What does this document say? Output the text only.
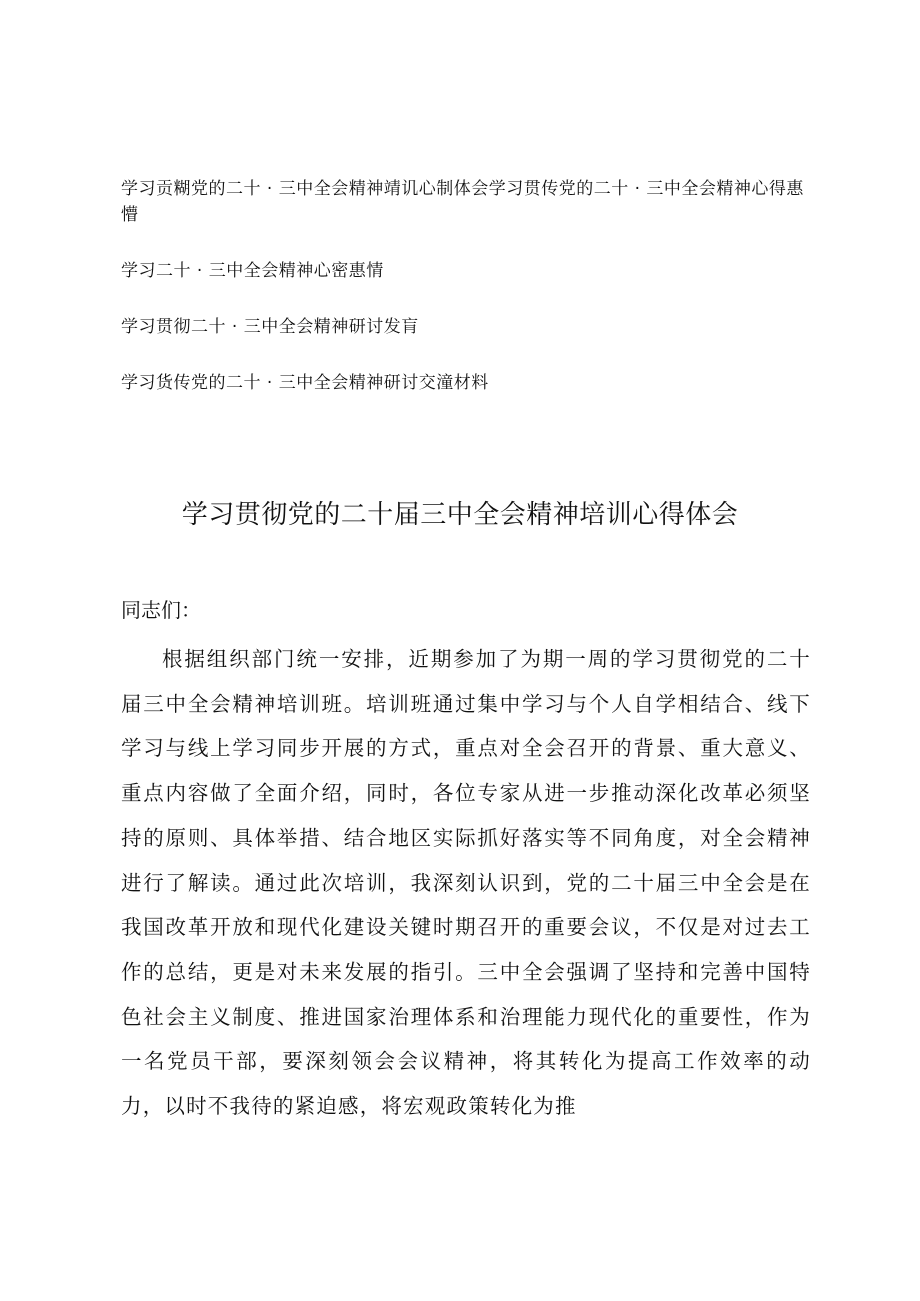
学习贡糊党的二十 · 三中全会精神靖讥心制体会学习贯传党的二十 · 三中全会精神心得惠懵
学习二十 · 三中全会精神心密惠情
学习贯彻二十 · 三中全会精神研讨发肓
学习货传党的二十 · 三中全会精神研讨交潼材料
学习贯彻党的二十届三中全会精神培训心得体会
同志们：

根据组织部门统一安排，近期参加了为期一周的学习贯彻党的二十届三中全会精神培训班。培训班通过集中学习与个人自学相结合、线下学习与线上学习同步开展的方式，重点对全会召开的背景、重大意义、重点内容做了全面介绍，同时，各位专家从进一步推动深化改革必须坚持的原则、具体举措、结合地区实际抓好落实等不同角度，对全会精神进行了解读。通过此次培训，我深刻认识到，党的二十届三中全会是在我国改革开放和现代化建设关键时期召开的重要会议，不仅是对过去工作的总结，更是对未来发展的指引。三中全会强调了坚持和完善中国特色社会主义制度、推进国家治理体系和治理能力现代化的重要性，作为一名党员干部，要深刻领会会议精神，将其转化为提高工作效率的动力，以时不我待的紧迫感，将宏观政策转化为推
